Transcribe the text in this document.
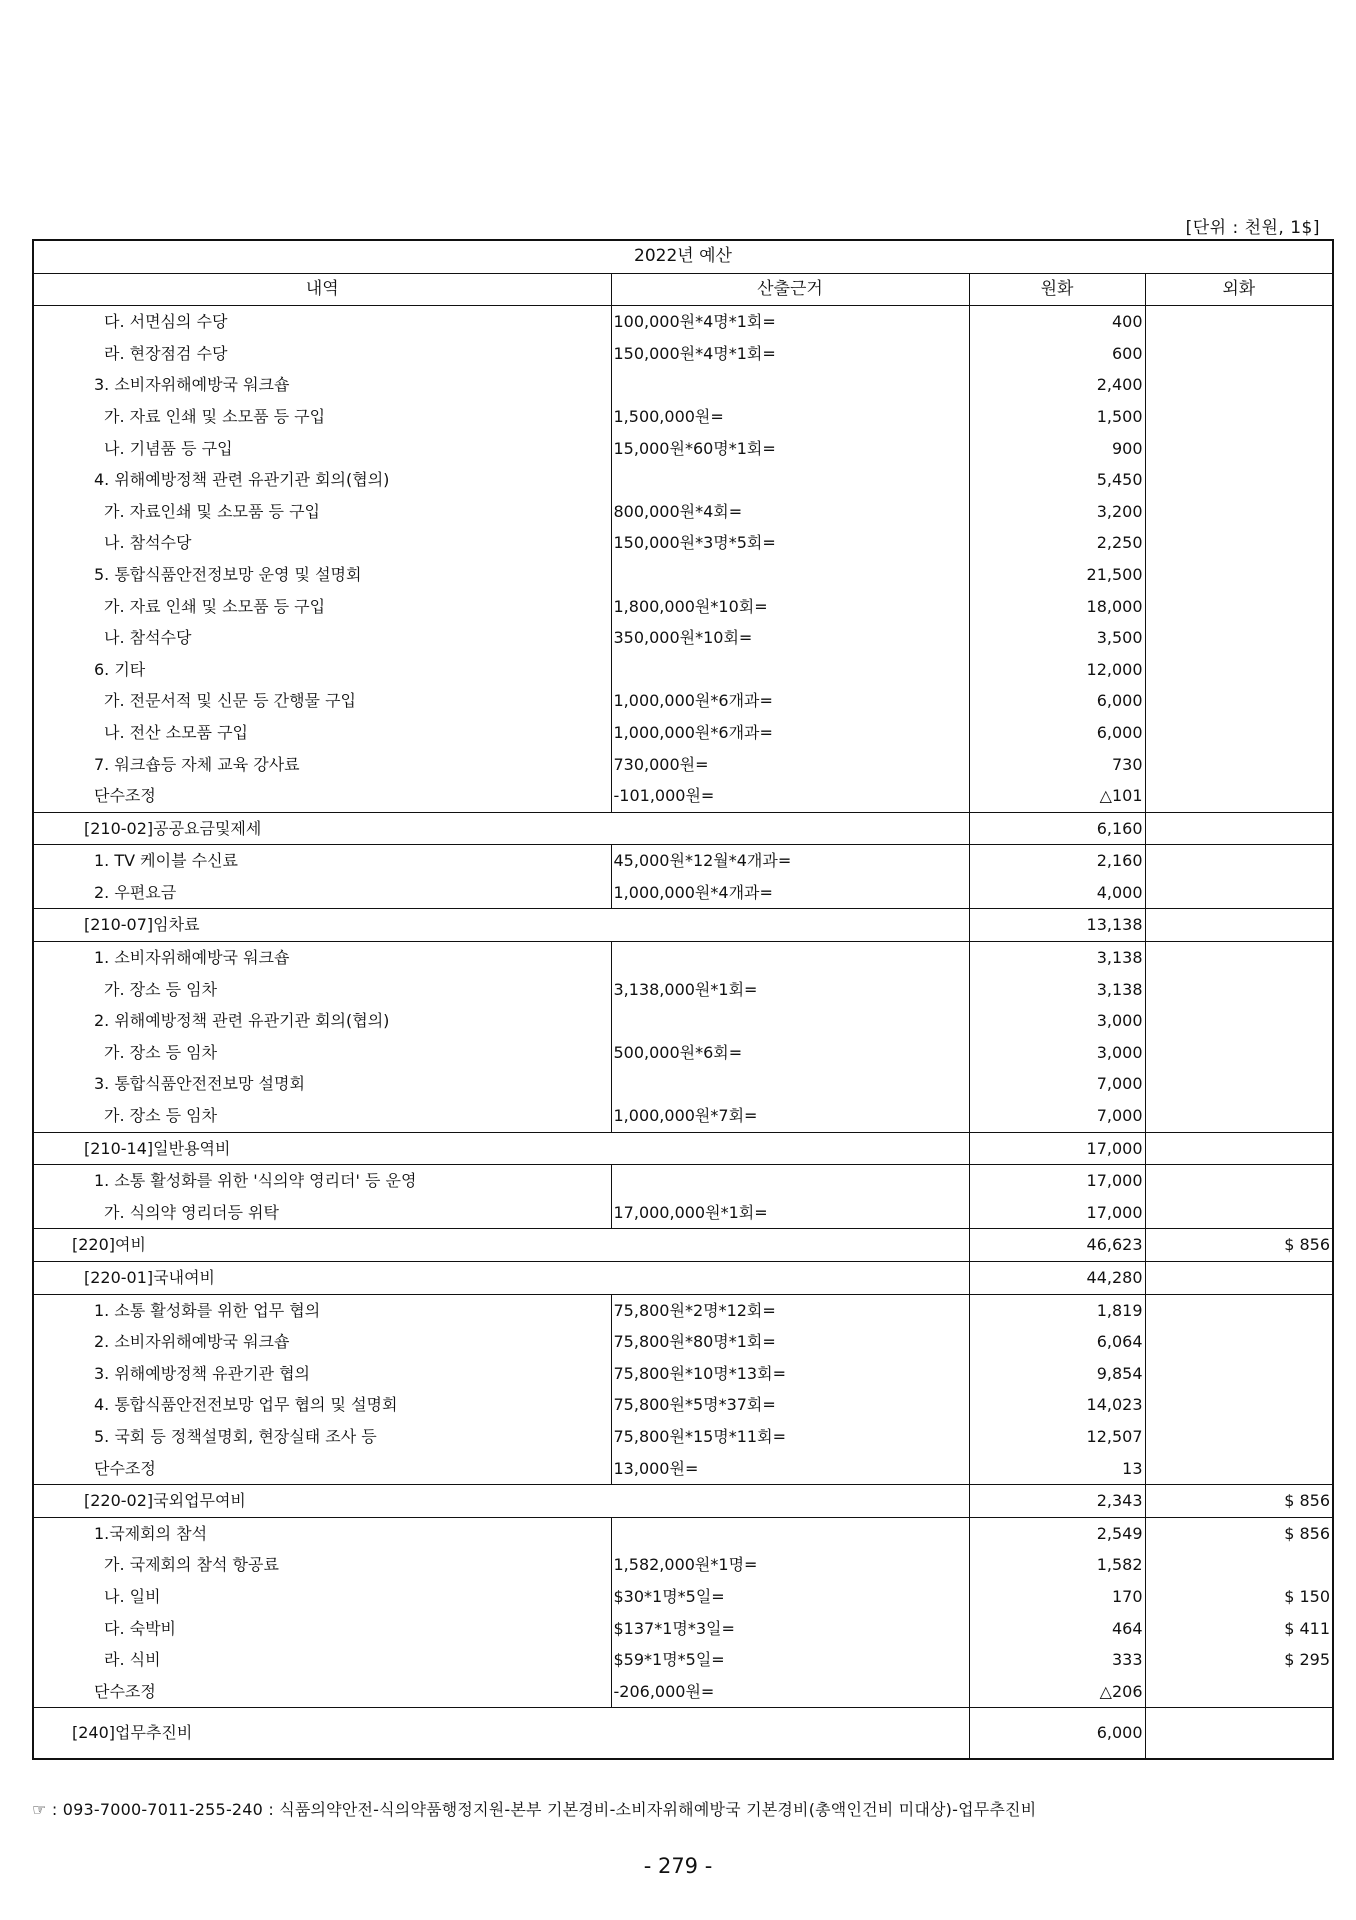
[단위 : 천원, 1$]
2022년 예산			
내역	산출근거	원화	외화
다. 서면심의 수당	100,000원*4명*1회=	400	
라. 현장점검 수당	150,000원*4명*1회=	600	
3. 소비자위해예방국 워크숍		2,400	
가. 자료 인쇄 및 소모품 등 구입	1,500,000원=	1,500	
나. 기념품 등 구입	15,000원*60명*1회=	900	
4. 위해예방정책 관련 유관기관 회의(협의)		5,450	
가. 자료인쇄 및 소모품 등 구입	800,000원*4회=	3,200	
나. 참석수당	150,000원*3명*5회=	2,250	
5. 통합식품안전정보망 운영 및 설명회		21,500	
가. 자료 인쇄 및 소모품 등 구입	1,800,000원*10회=	18,000	
나. 참석수당	350,000원*10회=	3,500	
6. 기타		12,000	
가. 전문서적 및 신문 등 간행물 구입	1,000,000원*6개과=	6,000	
나. 전산 소모품 구입	1,000,000원*6개과=	6,000	
7. 워크숍등 자체 교육 강사료	730,000원=	730	
단수조정	-101,000원=	△101	
[210-02]공공요금및제세		6,160	
1. TV 케이블 수신료	45,000원*12월*4개과=	2,160	
2. 우편요금	1,000,000원*4개과=	4,000	
[210-07]임차료		13,138	
1. 소비자위해예방국 워크숍		3,138	
가. 장소 등 임차	3,138,000원*1회=	3,138	
2. 위해예방정책 관련 유관기관 회의(협의)		3,000	
가. 장소 등 임차	500,000원*6회=	3,000	
3. 통합식품안전전보망 설명회		7,000	
가. 장소 등 임차	1,000,000원*7회=	7,000	
[210-14]일반용역비		17,000	
1. 소통 활성화를 위한 '식의약 영리더' 등 운영		17,000	
가. 식의약 영리더등 위탁	17,000,000원*1회=	17,000	
[220]여비		46,623	$ 856
[220-01]국내여비		44,280	
1. 소통 활성화를 위한 업무 협의	75,800원*2명*12회=	1,819	
2. 소비자위해예방국 워크숍	75,800원*80명*1회=	6,064	
3. 위해예방정책 유관기관 협의	75,800원*10명*13회=	9,854	
4. 통합식품안전전보망 업무 협의 및 설명회	75,800원*5명*37회=	14,023	
5. 국회 등 정책설명회, 현장실태 조사 등	75,800원*15명*11회=	12,507	
단수조정	13,000원=	13	
[220-02]국외업무여비		2,343	$ 856
1.국제회의 참석		2,549	$ 856
가. 국제회의 참석 항공료	1,582,000원*1명=	1,582	
나. 일비	$30*1명*5일=	170	$ 150
다. 숙박비	$137*1명*3일=	464	$ 411
라. 식비	$59*1명*5일=	333	$ 295
단수조정	-206,000원=	△206	
[240]업무추진비		6,000	
☞ : 093-7000-7011-255-240 : 식품의약안전-식의약품행정지원-본부 기본경비-소비자위해예방국 기본경비(총액인건비 미대상)-업무추진비
- 279 -
